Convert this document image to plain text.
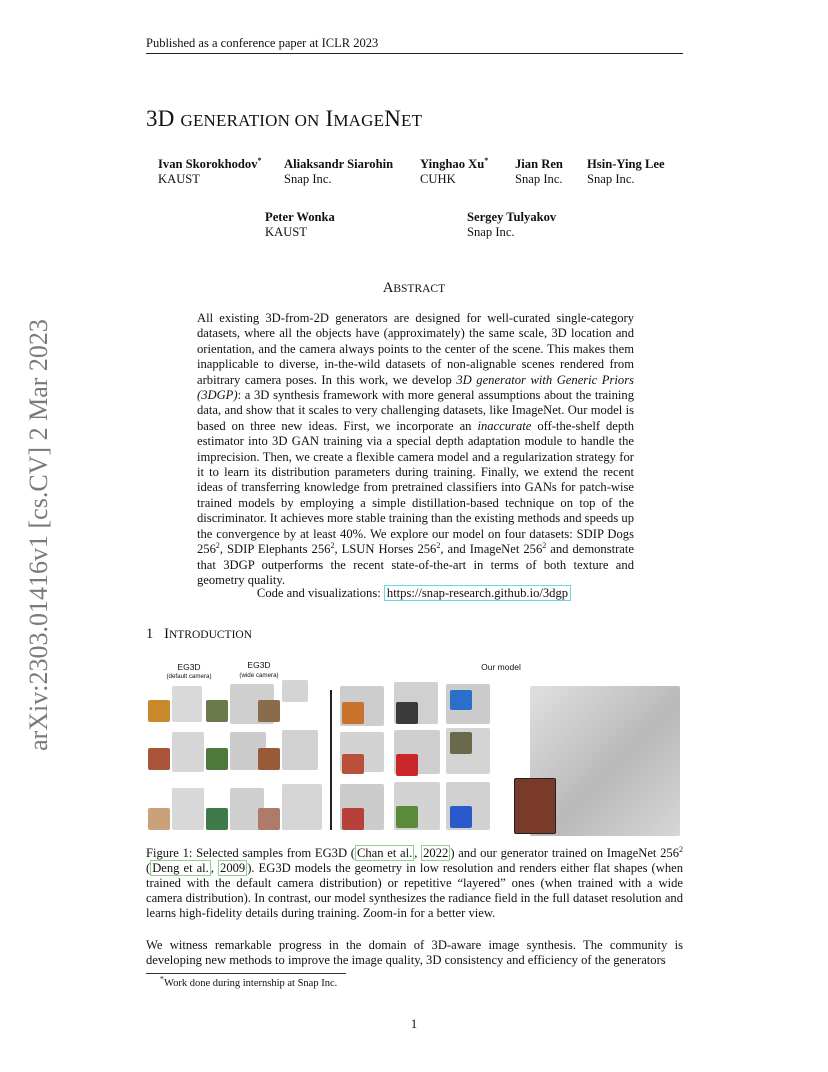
arXiv:2303.01416v1 [cs.CV] 2 Mar 2023
Published as a conference paper at ICLR 2023
3D GENERATION ON IMAGENET
Ivan Skorokhodov*
KAUST
Aliaksandr Siarohin
Snap Inc.
Yinghao Xu*
CUHK
Jian Ren
Snap Inc.
Hsin-Ying Lee
Snap Inc.
Peter Wonka
KAUST
Sergey Tulyakov
Snap Inc.
ABSTRACT
All existing 3D-from-2D generators are designed for well-curated single-category datasets, where all the objects have (approximately) the same scale, 3D location and orientation, and the camera always points to the center of the scene. This makes them inapplicable to diverse, in-the-wild datasets of non-alignable scenes rendered from arbitrary camera poses. In this work, we develop 3D generator with Generic Priors (3DGP): a 3D synthesis framework with more general assumptions about the training data, and show that it scales to very challenging datasets, like ImageNet. Our model is based on three new ideas. First, we incorporate an inaccurate off-the-shelf depth estimator into 3D GAN training via a special depth adaptation module to handle the imprecision. Then, we create a flexible camera model and a regularization strategy for it to learn its distribution parameters during training. Finally, we extend the recent ideas of transferring knowledge from pretrained classifiers into GANs for patch-wise trained models by employing a simple distillation-based technique on top of the discriminator. It achieves more stable training than the existing methods and speeds up the convergence by at least 40%. We explore our model on four datasets: SDIP Dogs $256^2$, SDIP Elephants $256^2$, LSUN Horses $256^2$, and ImageNet $256^2$ and demonstrate that 3DGP outperforms the recent state-of-the-art in terms of both texture and geometry quality.
Code and visualizations: https://snap-research.github.io/3dgp
1 INTRODUCTION
EG3D
(default camera)
EG3D
(wide camera)
Our model
Figure 1: Selected samples from EG3D ( Chan et al. , 2022 ) and our generator trained on ImageNet $256^2$ ( Deng et al. , 2009 ). EG3D models the geometry in low resolution and renders either flat shapes (when trained with the default camera distribution) or repetitive “layered” ones (when trained with a wide camera distribution). In contrast, our model synthesizes the radiance field in the full dataset resolution and learns high-fidelity details during training. Zoom-in for a better view.
We witness remarkable progress in the domain of 3D-aware image synthesis. The community is developing new methods to improve the image quality, 3D consistency and efficiency of the generators
*Work done during internship at Snap Inc.
1
